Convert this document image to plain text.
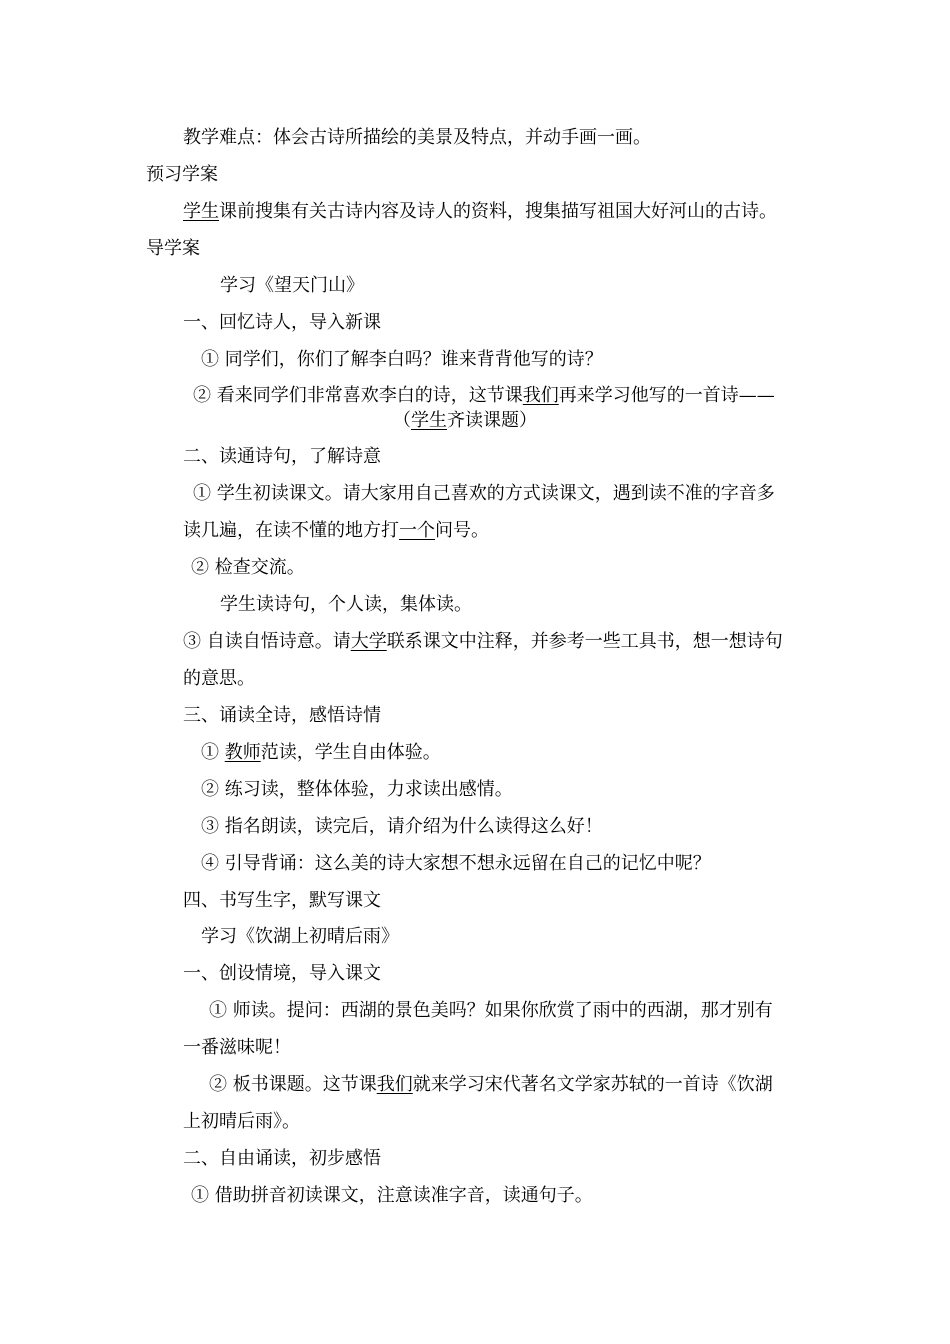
教学难点：体会古诗所描绘的美景及特点，并动手画一画。
预习学案
学生课前搜集有关古诗内容及诗人的资料，搜集描写祖国大好河山的古诗。
导学案
学习《望天门山》
一、回忆诗人，导入新课
① 同学们，你们了解李白吗？谁来背背他写的诗？
② 看来同学们非常喜欢李白的诗，这节课我们再来学习他写的一首诗——
（学生齐读课题）
二、读通诗句，了解诗意
① 学生初读课文。请大家用自己喜欢的方式读课文，遇到读不准的字音多
读几遍，在读不懂的地方打一个问号。
② 检查交流。
学生读诗句，个人读，集体读。
③ 自读自悟诗意。请大学联系课文中注释，并参考一些工具书，想一想诗句
的意思。
三、诵读全诗，感悟诗情
① 教师范读，学生自由体验。
② 练习读，整体体验，力求读出感情。
③ 指名朗读，读完后，请介绍为什么读得这么好！
④ 引导背诵：这么美的诗大家想不想永远留在自己的记忆中呢？
四、书写生字，默写课文
学习《饮湖上初晴后雨》
一、创设情境，导入课文
① 师读。提问：西湖的景色美吗？如果你欣赏了雨中的西湖，那才别有
一番滋味呢！
② 板书课题。这节课我们就来学习宋代著名文学家苏轼的一首诗《饮湖
上初晴后雨》。
二、自由诵读，初步感悟
① 借助拼音初读课文，注意读准字音，读通句子。
